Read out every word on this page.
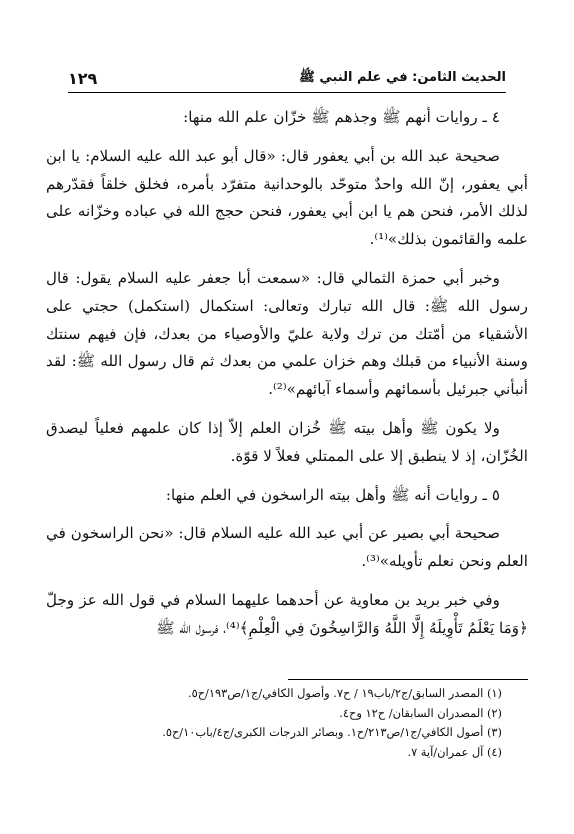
الحديث الثامن: في علم النبي ﷺ
١٢٩

٤ ـ روايات أنهم ﷺ وجذهم ﷺ خزّان علم الله منها:

صحيحة عبد الله بن أبي يعفور قال: «قال أبو عبد الله عليه السلام: يا ابن أبي يعفور، إنّ الله واحدٌ متوحّد بالوحدانية متفرّد بأمره، فخلق خلقاً فقدّرهم لذلك الأمر، فنحن هم يا ابن أبي يعفور، فنحن حجج الله في عباده وخزّانه على علمه والقائمون بذلك»⁽¹⁾.

وخبر أبي حمزة الثمالي قال: «سمعت أبا جعفر عليه السلام يقول: قال رسول الله ﷺ: قال الله تبارك وتعالى: استكمال (استكمل) حجتي على الأشقياء من أمّتك من ترك ولاية عليّ والأوصياء من بعدك، فإن فيهم سنتك وسنة الأنبياء من قبلك وهم خزان علمي من بعدك ثم قال رسول الله ﷺ: لقد أنبأني جبرئيل بأسمائهم وأسماء آبائهم»⁽²⁾.

ولا يكون ﷺ وأهل بيته ﷺ خُزان العلم إلاّ إذا كان علمهم فعلياً ليصدق الخُزّان، إذ لا ينطبق إلا على الممتلي فعلاً لا قوّة.

٥ ـ روايات أنه ﷺ وأهل بيته الراسخون في العلم منها:

صحيحة أبي بصير عن أبي عبد الله عليه السلام قال: «نحن الراسخون في العلم ونحن نعلم تأويله»⁽³⁾.

وفي خبر بريد بن معاوية عن أحدهما عليهما السلام في قول الله عز وجلّ ﴿وَمَا يَعْلَمُ تَأْوِيلَهُ إِلَّا اللَّهُ وَالرَّاسِخُونَ فِي الْعِلْمِ﴾⁽⁴⁾، فرسول الله ﷺ

(١) المصدر السابق/ج٢/باب١٩ / ح٧. وأصول الكافي/ج١/ص١٩٣/ح٥.
(٢) المصدران السابقان/ ح١٢ وح٤.
(٣) أصول الكافي/ج١/ص٢١٣/ح١. وبصائر الدرجات الكبرى/ج٤/باب١٠/ح٥.
(٤) آل عمران/آية ٧.
